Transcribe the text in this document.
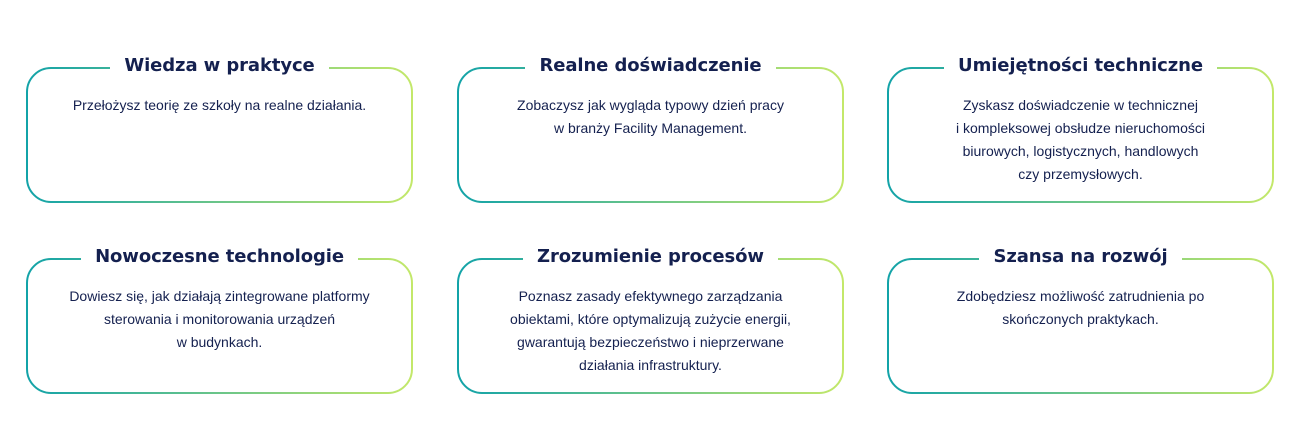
Wiedza w praktyce
Przełożysz teorię ze szkoły na realne działania.
Realne doświadczenie
Zobaczysz jak wygląda typowy dzień pracy
w branży Facility Management.
Umiejętności techniczne
Zyskasz doświadczenie w technicznej
i kompleksowej obsłudze nieruchomości
biurowych, logistycznych, handlowych
czy przemysłowych.
Nowoczesne technologie
Dowiesz się, jak działają zintegrowane platformy
sterowania i monitorowania urządzeń
w budynkach.
Zrozumienie procesów
Poznasz zasady efektywnego zarządzania
obiektami, które optymalizują zużycie energii,
gwarantują bezpieczeństwo i nieprzerwane
działania infrastruktury.
Szansa na rozwój
Zdobędziesz możliwość zatrudnienia po
skończonych praktykach.
